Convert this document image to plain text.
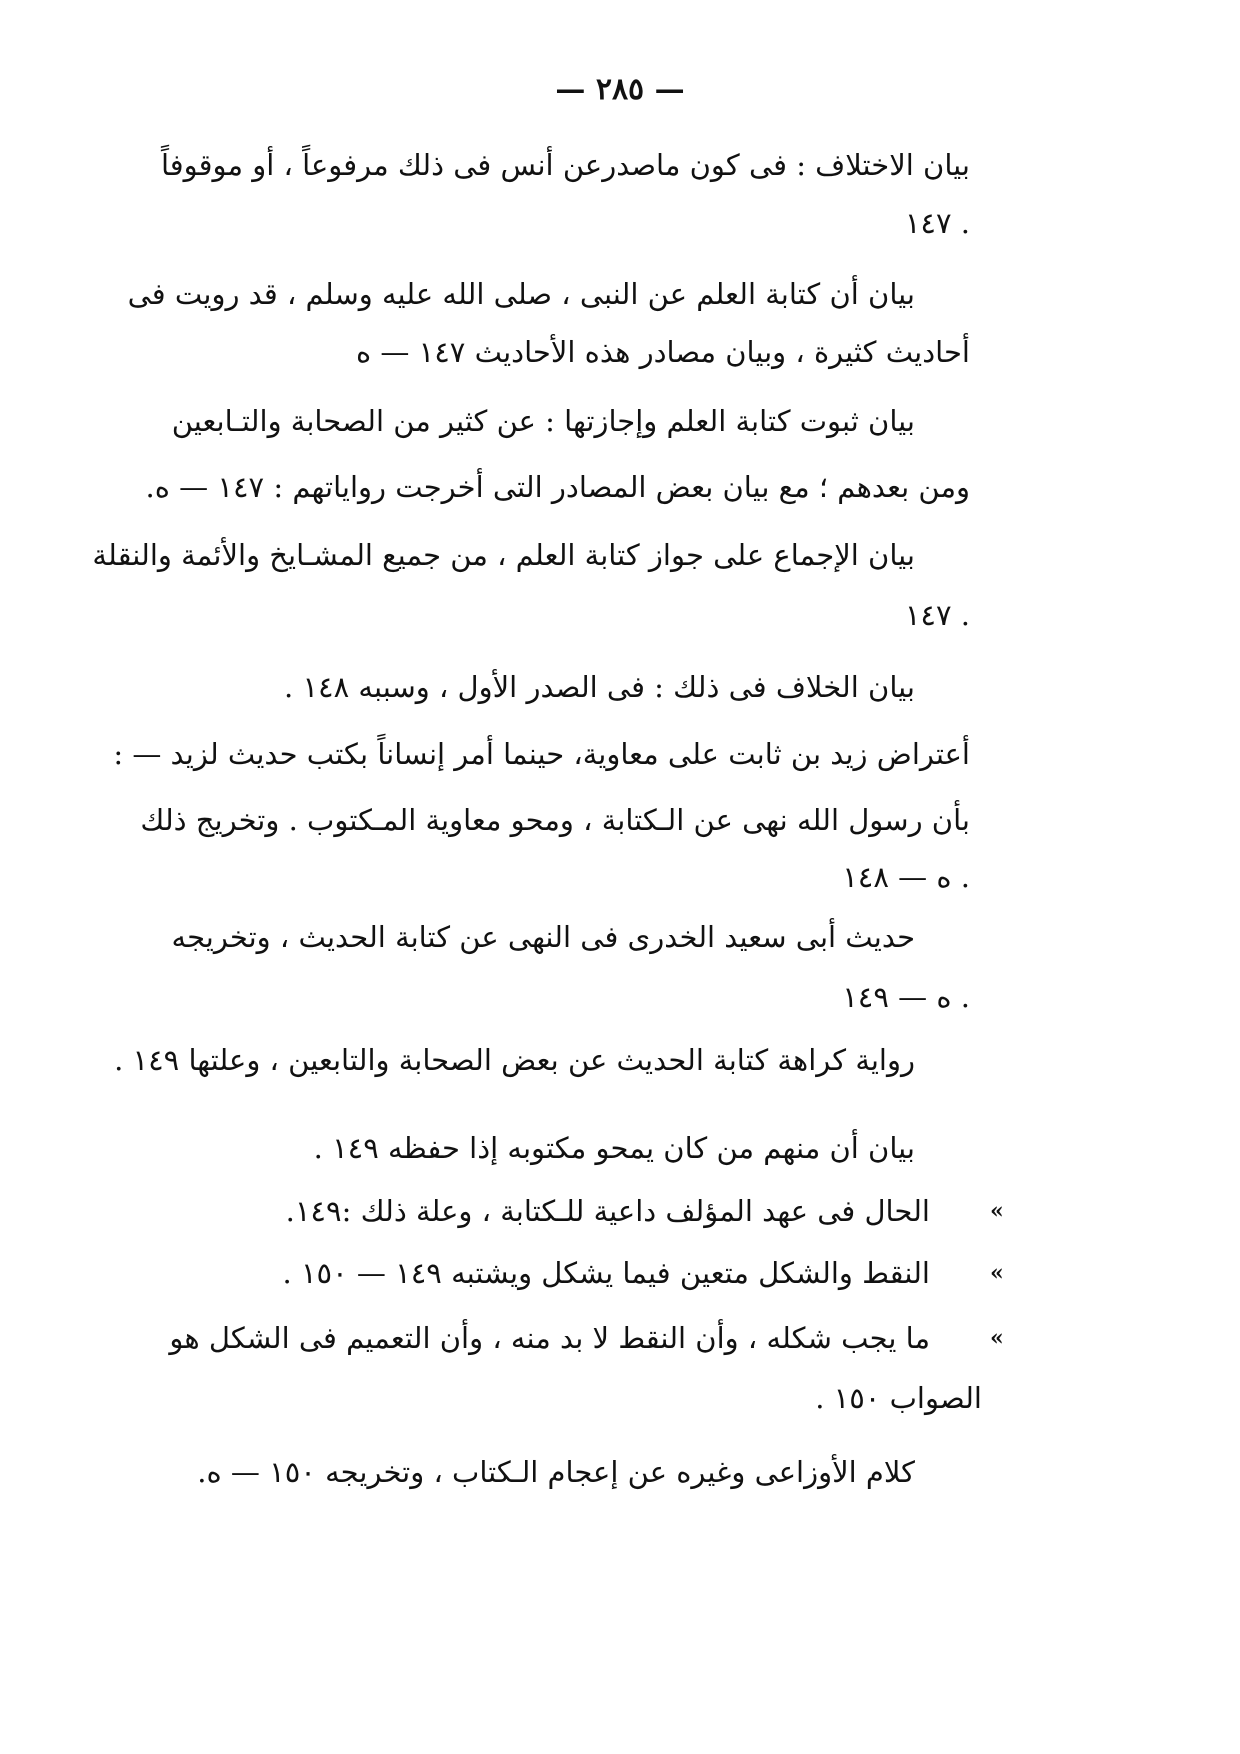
— ٢٨٥ —
بيان الاختلاف : فى كون ماصدرعن أنس فى ذلك مرفوعاً ، أو موقوفاً
. ١٤٧
بيان أن كتابة العلم عن النبى ، صلى الله عليه وسلم ، قد رويت فى
أحاديث كثيرة ، وبيان مصادر هذه الأحاديث ١٤٧ — ه
بيان ثبوت كتابة العلم وإجازتها : عن كثير من الصحابة والتـابعين
ومن بعدهم ؛ مع بيان بعض المصادر التى أخرجت رواياتهم : ١٤٧ — ه.
بيان الإجماع على جواز كتابة العلم ، من جميع المشـايخ والأئمة والنقلة
. ١٤٧
بيان الخلاف فى ذلك : فى الصدر الأول ، وسببه ١٤٨ .
أعتراض زيد بن ثابت على معاوية، حينما أمر إنساناً بكتب حديث لزيد — :
بأن رسول الله نهى عن الـكتابة ، ومحو معاوية المـكتوب . وتخريج ذلك
. ه — ١٤٨
حديث أبى سعيد الخدرى فى النهى عن كتابة الحديث ، وتخريجه
. ه — ١٤٩
رواية كراهة كتابة الحديث عن بعض الصحابة والتابعين ، وعلتها ١٤٩ .
بيان أن منهم من كان يمحو مكتوبه إذا حفظه ١٤٩ .
»
الحال فى عهد المؤلف داعية للـكتابة ، وعلة ذلك :١٤٩.
»
النقط والشكل متعين فيما يشكل ويشتبه ١٤٩ — ١٥٠ .
»
ما يجب شكله ، وأن النقط لا بد منه ، وأن التعميم فى الشكل هو
الصواب ١٥٠ .
كلام الأوزاعى وغيره عن إعجام الـكتاب ، وتخريجه ١٥٠ — ه.
